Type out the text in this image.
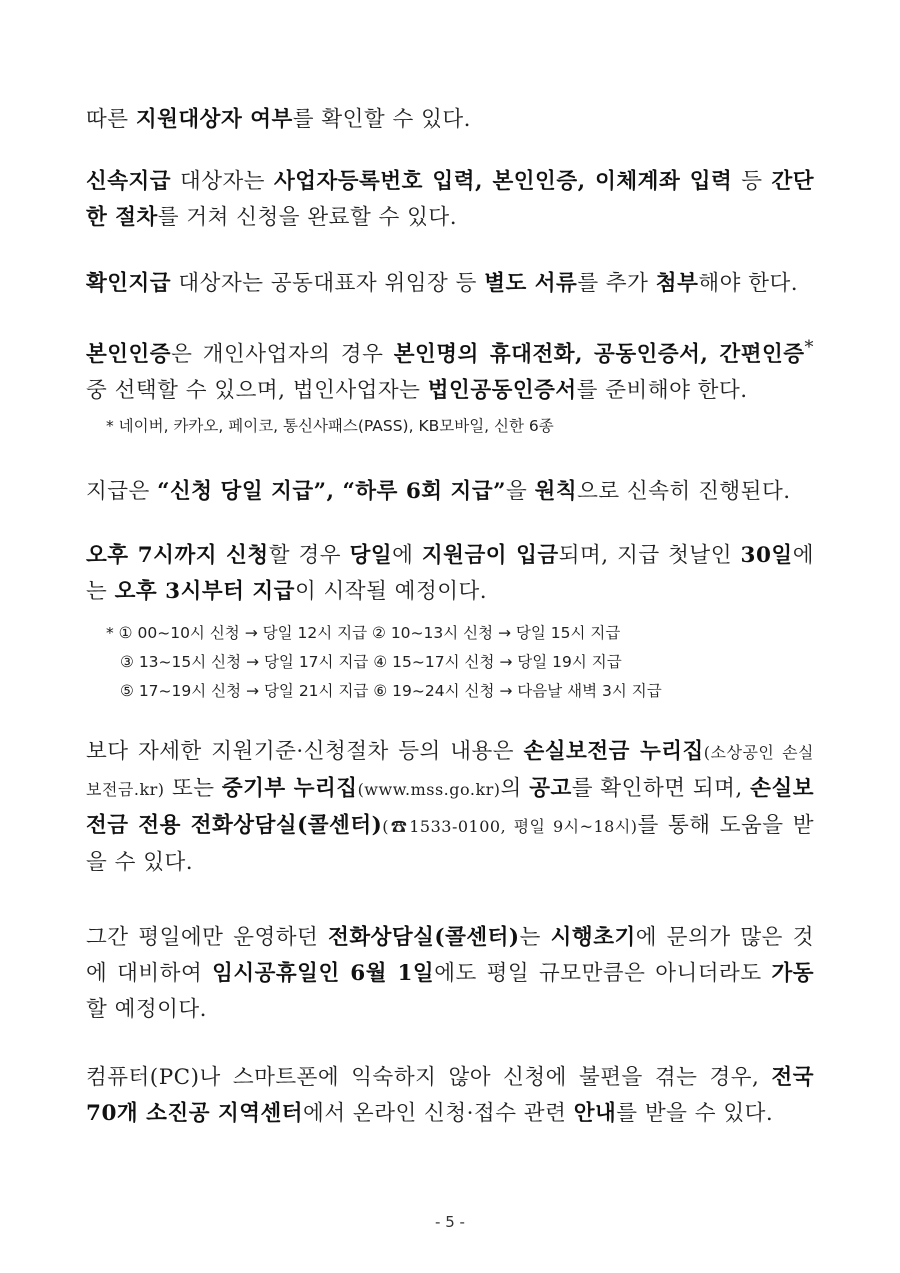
따른 지원대상자 여부를 확인할 수 있다.

신속지급 대상자는 사업자등록번호 입력, 본인인증, 이체계좌 입력 등 간단한 절차를 거쳐 신청을 완료할 수 있다.

확인지급 대상자는 공동대표자 위임장 등 별도 서류를 추가 첨부해야 한다.

본인인증은 개인사업자의 경우 본인명의 휴대전화, 공동인증서, 간편인증* 중 선택할 수 있으며, 법인사업자는 법인공동인증서를 준비해야 한다.

* 네이버, 카카오, 페이코, 통신사패스(PASS), KB모바일, 신한 6종

지급은 “신청 당일 지급”, “하루 6회 지급”을 원칙으로 신속히 진행된다.

오후 7시까지 신청할 경우 당일에 지원금이 입금되며, 지급 첫날인 30일에는 오후 3시부터 지급이 시작될 예정이다.

* ① 00~10시 신청 → 당일 12시 지급 ② 10~13시 신청 → 당일 15시 지급
③ 13~15시 신청 → 당일 17시 지급 ④ 15~17시 신청 → 당일 19시 지급
⑤ 17~19시 신청 → 당일 21시 지급 ⑥ 19~24시 신청 → 다음날 새벽 3시 지급

보다 자세한 지원기준·신청절차 등의 내용은 손실보전금 누리집(소상공인 손실보전금.kr) 또는 중기부 누리집(www.mss.go.kr)의 공고를 확인하면 되며, 손실보전금 전용 전화상담실(콜센터)(☎1533-0100, 평일 9시~18시)를 통해 도움을 받을 수 있다.

그간 평일에만 운영하던 전화상담실(콜센터)는 시행초기에 문의가 많은 것에 대비하여 임시공휴일인 6월 1일에도 평일 규모만큼은 아니더라도 가동할 예정이다.

컴퓨터(PC)나 스마트폰에 익숙하지 않아 신청에 불편을 겪는 경우, 전국 70개 소진공 지역센터에서 온라인 신청·접수 관련 안내를 받을 수 있다.

- 5 -
